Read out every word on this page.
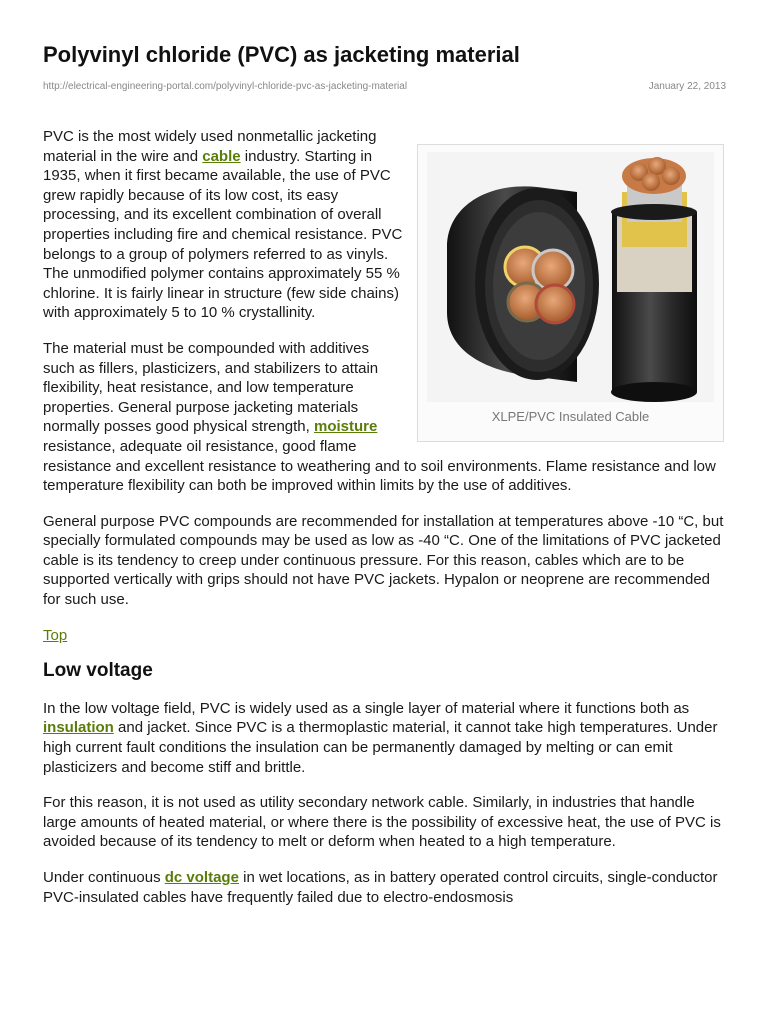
Polyvinyl chloride (PVC) as jacketing material
http://electrical-engineering-portal.com/polyvinyl-chloride-pvc-as-jacketing-material	January 22, 2013

XLPE/PVC Insulated Cable
PVC is the most widely used nonmetallic jacketing material in the wire and cable industry. Starting in 1935, when it first became available, the use of PVC grew rapidly because of its low cost, its easy processing, and its excellent combination of overall properties including fire and chemical resistance. PVC belongs to a group of polymers referred to as vinyls. The unmodified polymer contains approximately 55 % chlorine. It is fairly linear in structure (few side chains) with approximately 5 to 10 % crystallinity.

The material must be compounded with additives such as fillers, plasticizers, and stabilizers to attain flexibility, heat resistance, and low temperature properties. General purpose jacketing materials normally posses good physical strength, moisture resistance, adequate oil resistance, good flame resistance and excellent resistance to weathering and to soil environments. Flame resistance and low temperature flexibility can both be improved within limits by the use of additives.

General purpose PVC compounds are recommended for installation at temperatures above -10 “C, but specially formulated compounds may be used as low as -40 “C. One of the limitations of PVC jacketed cable is its tendency to creep under continuous pressure. For this reason, cables which are to be supported vertically with grips should not have PVC jackets. Hypalon or neoprene are recommended for such use.

Top

Low voltage

In the low voltage field, PVC is widely used as a single layer of material where it functions both as insulation and jacket. Since PVC is a thermoplastic material, it cannot take high temperatures. Under high current fault conditions the insulation can be permanently damaged by melting or can emit plasticizers and become stiff and brittle.

For this reason, it is not used as utility secondary network cable. Similarly, in industries that handle large amounts of heated material, or where there is the possibility of excessive heat, the use of PVC is avoided because of its tendency to melt or deform when heated to a high temperature.

Under continuous dc voltage in wet locations, as in battery operated control circuits, single-conductor PVC-insulated cables have frequently failed due to electro-endosmosis
